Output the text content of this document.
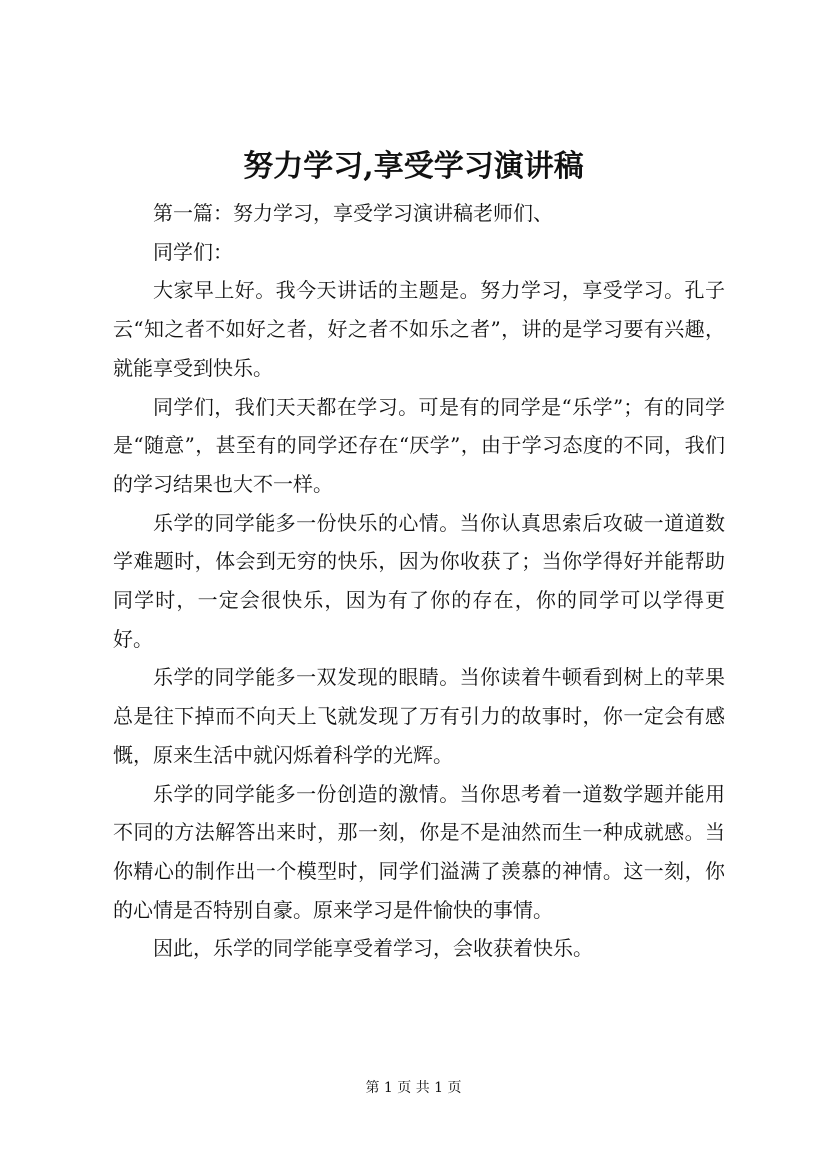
努力学习,享受学习演讲稿

第一篇：努力学习，享受学习演讲稿老师们、

同学们：

大家早上好。我今天讲话的主题是。努力学习，享受学习。孔子云“知之者不如好之者，好之者不如乐之者”，讲的是学习要有兴趣，就能享受到快乐。

同学们，我们天天都在学习。可是有的同学是“乐学”；有的同学是“随意”，甚至有的同学还存在“厌学”，由于学习态度的不同，我们的学习结果也大不一样。

乐学的同学能多一份快乐的心情。当你认真思索后攻破一道道数学难题时，体会到无穷的快乐，因为你收获了；当你学得好并能帮助同学时，一定会很快乐，因为有了你的存在，你的同学可以学得更好。

乐学的同学能多一双发现的眼睛。当你读着牛顿看到树上的苹果总是往下掉而不向天上飞就发现了万有引力的故事时，你一定会有感慨，原来生活中就闪烁着科学的光辉。

乐学的同学能多一份创造的激情。当你思考着一道数学题并能用不同的方法解答出来时，那一刻，你是不是油然而生一种成就感。当你精心的制作出一个模型时，同学们溢满了羡慕的神情。这一刻，你的心情是否特别自豪。原来学习是件愉快的事情。

因此，乐学的同学能享受着学习，会收获着快乐。

第 1 页 共 1 页
